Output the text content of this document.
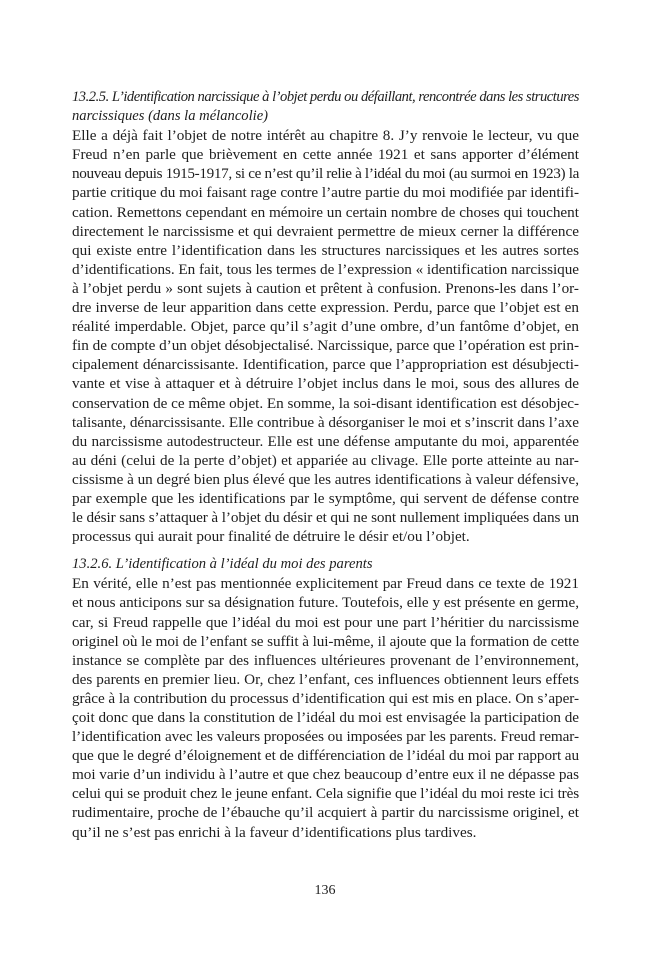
13.2.5. L’identification narcissique à l’objet perdu ou défaillant, rencontrée dans les structures
narcissiques (dans la mélancolie)
Elle a déjà fait l’objet de notre intérêt au chapitre 8. J’y renvoie le lecteur, vu que
Freud n’en parle que brièvement en cette année 1921 et sans apporter d’élément
nouveau depuis 1915-1917, si ce n’est qu’il relie à l’idéal du moi (au surmoi en 1923) la
partie critique du moi faisant rage contre l’autre partie du moi modifiée par identifi-
cation. Remettons cependant en mémoire un certain nombre de choses qui touchent
directement le narcissisme et qui devraient permettre de mieux cerner la différence
qui existe entre l’identification dans les structures narcissiques et les autres sortes
d’identifications. En fait, tous les termes de l’expression « identification narcissique
à l’objet perdu » sont sujets à caution et prêtent à confusion. Prenons-les dans l’or-
dre inverse de leur apparition dans cette expression. Perdu, parce que l’objet est en
réalité imperdable. Objet, parce qu’il s’agit d’une ombre, d’un fantôme d’objet, en
fin de compte d’un objet désobjectalisé. Narcissique, parce que l’opération est prin-
cipalement dénarcissisante. Identification, parce que l’appropriation est désubjecti-
vante et vise à attaquer et à détruire l’objet inclus dans le moi, sous des allures de
conservation de ce même objet. En somme, la soi-disant identification est désobjec-
talisante, dénarcissisante. Elle contribue à désorganiser le moi et s’inscrit dans l’axe
du narcissisme autodestructeur. Elle est une défense amputante du moi, apparentée
au déni (celui de la perte d’objet) et appariée au clivage. Elle porte atteinte au nar-
cissisme à un degré bien plus élevé que les autres identifications à valeur défensive,
par exemple que les identifications par le symptôme, qui servent de défense contre
le désir sans s’attaquer à l’objet du désir et qui ne sont nullement impliquées dans un
processus qui aurait pour finalité de détruire le désir et/ou l’objet.
13.2.6. L’identification à l’idéal du moi des parents
En vérité, elle n’est pas mentionnée explicitement par Freud dans ce texte de 1921
et nous anticipons sur sa désignation future. Toutefois, elle y est présente en germe,
car, si Freud rappelle que l’idéal du moi est pour une part l’héritier du narcissisme
originel où le moi de l’enfant se suffit à lui-même, il ajoute que la formation de cette
instance se complète par des influences ultérieures provenant de l’environnement,
des parents en premier lieu. Or, chez l’enfant, ces influences obtiennent leurs effets
grâce à la contribution du processus d’identification qui est mis en place. On s’aper-
çoit donc que dans la constitution de l’idéal du moi est envisagée la participation de
l’identification avec les valeurs proposées ou imposées par les parents. Freud remar-
que que le degré d’éloignement et de différenciation de l’idéal du moi par rapport au
moi varie d’un individu à l’autre et que chez beaucoup d’entre eux il ne dépasse pas
celui qui se produit chez le jeune enfant. Cela signifie que l’idéal du moi reste ici très
rudimentaire, proche de l’ébauche qu’il acquiert à partir du narcissisme originel, et
qu’il ne s’est pas enrichi à la faveur d’identifications plus tardives.
136
